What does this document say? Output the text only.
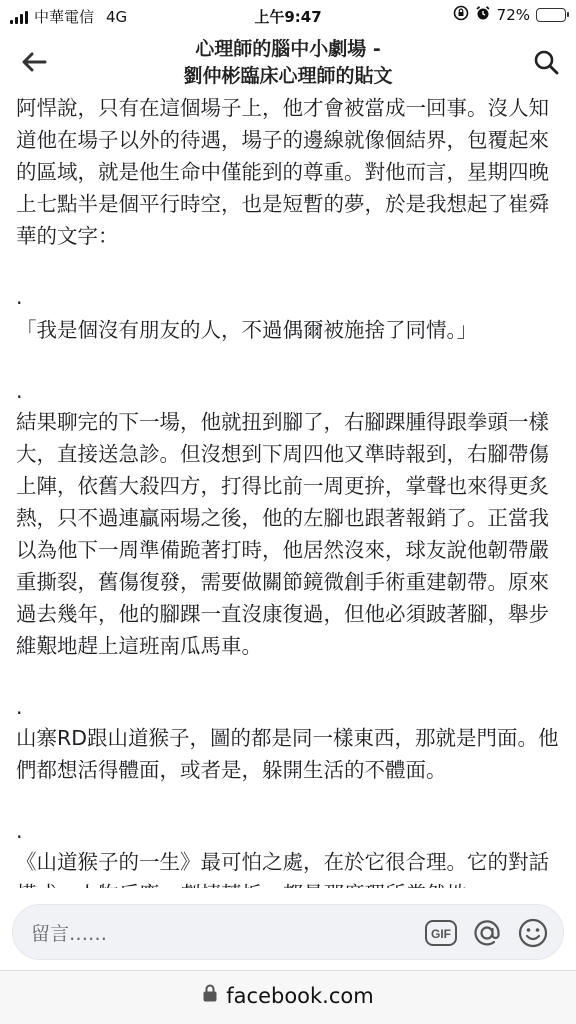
中華電信 4G	上午9:47	72%
心理師的腦中小劇場 -
劉仲彬臨床心理師的貼文

阿悍說，只有在這個場子上，他才會被當成一回事。沒人知道他在場子以外的待遇，場子的邊線就像個結界，包覆起來的區域，就是他生命中僅能到的尊重。對他而言，星期四晚上七點半是個平行時空，也是短暫的夢，於是我想起了崔舜華的文字：

.

「我是個沒有朋友的人，不過偶爾被施捨了同情。」

.

結果聊完的下一場，他就扭到腳了，右腳踝腫得跟拳頭一樣大，直接送急診。但沒想到下周四他又準時報到，右腳帶傷上陣，依舊大殺四方，打得比前一周更拚，掌聲也來得更炙熱，只不過連贏兩場之後，他的左腳也跟著報銷了。正當我以為他下一周準備跪著打時，他居然沒來，球友說他韌帶嚴重撕裂，舊傷復發，需要做關節鏡微創手術重建韌帶。原來過去幾年，他的腳踝一直沒康復過，但他必須跛著腳，舉步維艱地趕上這班南瓜馬車。

.

山寨RD跟山道猴子，圖的都是同一樣東西，那就是門面。他們都想活得體面，或者是，躲開生活的不體面。

.

《山道猴子的一生》最可怕之處，在於它很合理。它的對話

留言……	GIF
facebook.com
